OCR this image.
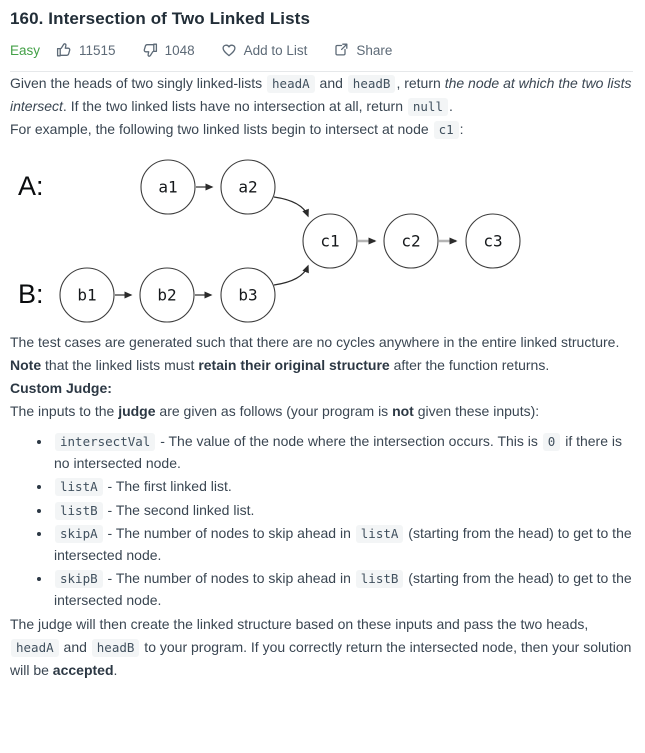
160. Intersection of Two Linked Lists
Easy	11515	1048	Add to List	Share

Given the heads of two singly linked-lists headA and headB , return the node at which the two lists intersect. If the two linked lists have no intersection at all, return null .

For example, the following two linked lists begin to intersect at node c1 :

A:
B:
a1	a2
c1	c2	c3
b1	b2	b3

The test cases are generated such that there are no cycles anywhere in the entire linked structure.

Note that the linked lists must retain their original structure after the function returns.

Custom Judge:

The inputs to the judge are given as follows (your program is not given these inputs):

• intersectVal - The value of the node where the intersection occurs. This is 0 if there is no intersected node.
• listA - The first linked list.
• listB - The second linked list.
• skipA - The number of nodes to skip ahead in listA (starting from the head) to get to the intersected node.
• skipB - The number of nodes to skip ahead in listB (starting from the head) to get to the intersected node.

The judge will then create the linked structure based on these inputs and pass the two heads, headA and headB to your program. If you correctly return the intersected node, then your solution will be accepted.
